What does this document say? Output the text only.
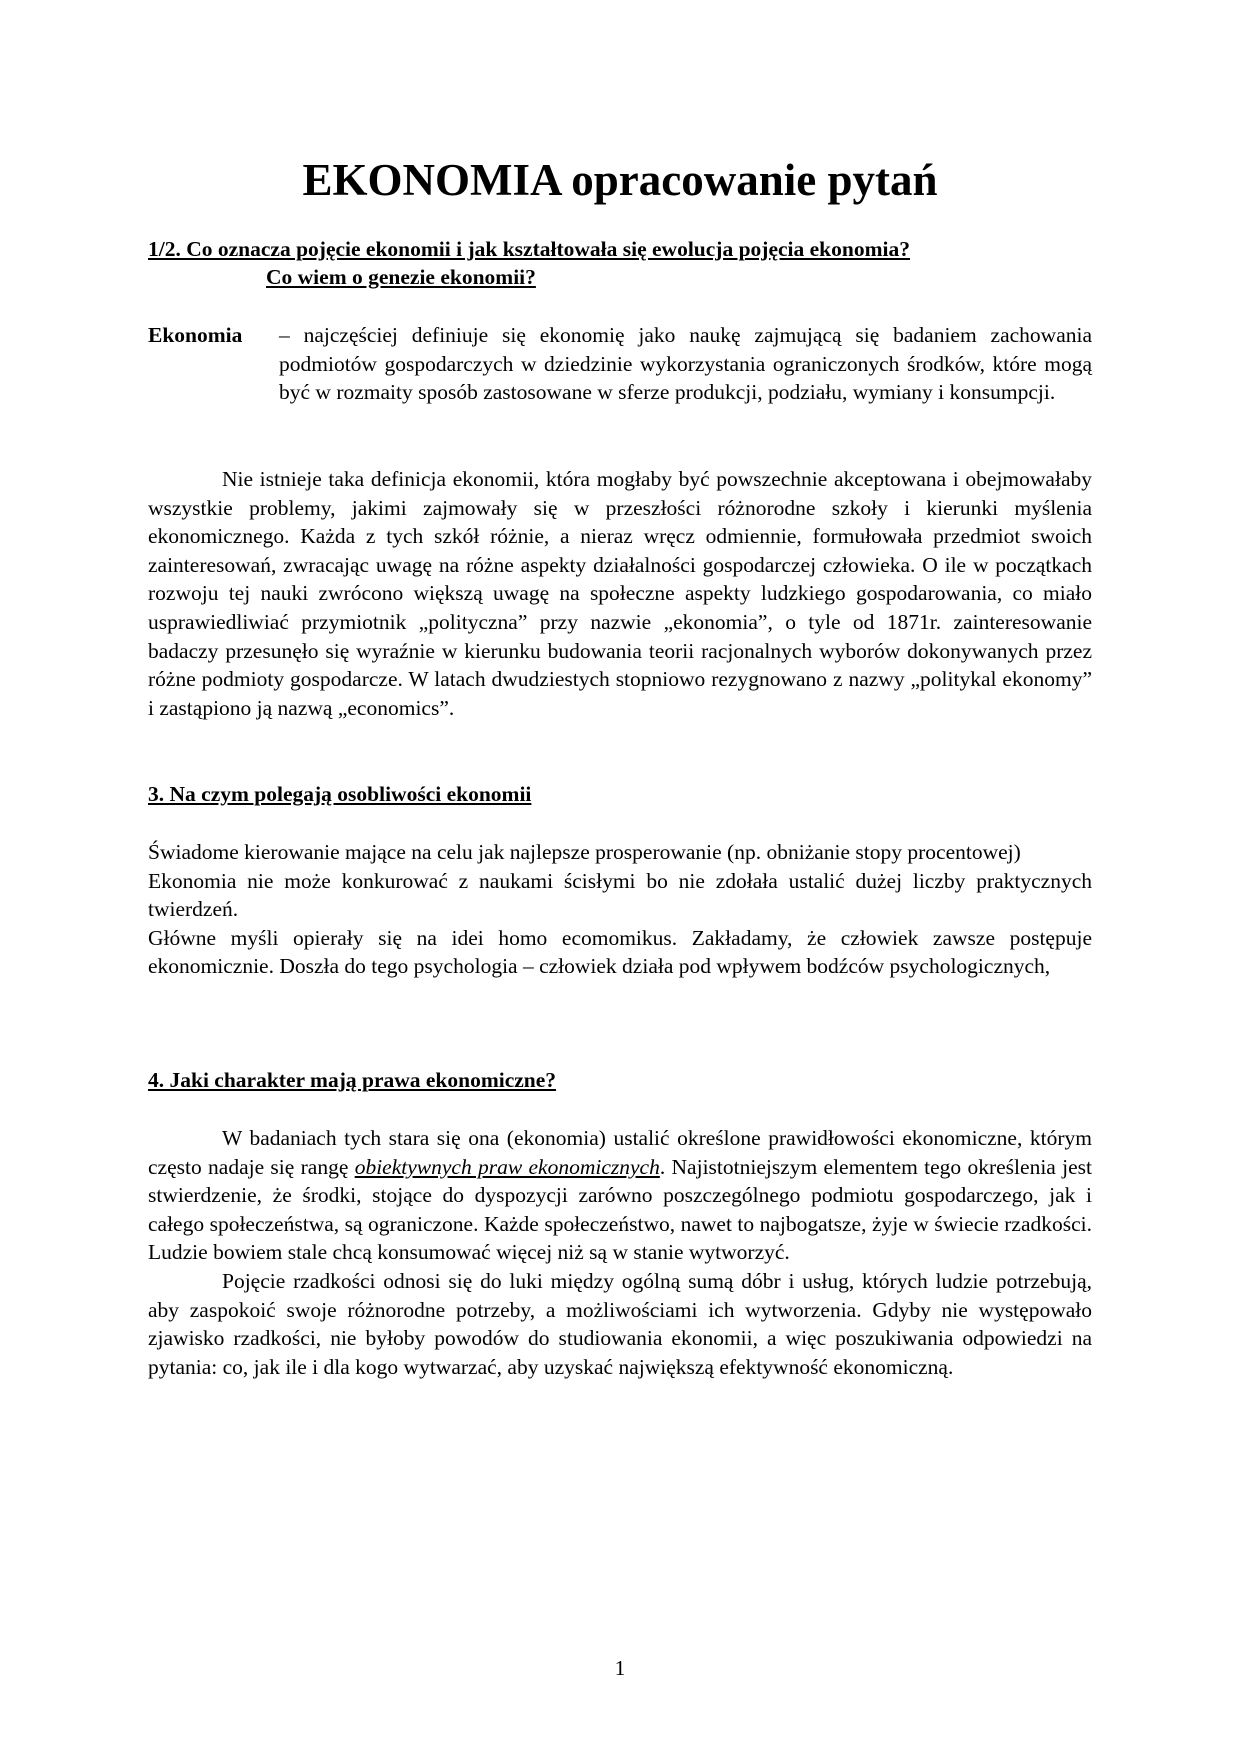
EKONOMIA opracowanie pytań
1/2. Co oznacza pojęcie ekonomii i jak kształtowała się ewolucja pojęcia ekonomia?
Co wiem o genezie ekonomii?
Ekonomia – najczęściej definiuje się ekonomię jako naukę zajmującą się badaniem zachowania podmiotów gospodarczych w dziedzinie wykorzystania ograniczonych środków, które mogą być w rozmaity sposób zastosowane w sferze produkcji, podziału, wymiany i konsumpcji.

Nie istnieje taka definicja ekonomii, która mogłaby być powszechnie akceptowana i obejmowałaby wszystkie problemy, jakimi zajmowały się w przeszłości różnorodne szkoły i kierunki myślenia ekonomicznego. Każda z tych szkół różnie, a nieraz wręcz odmiennie, formułowała przedmiot swoich zainteresowań, zwracając uwagę na różne aspekty działalności gospodarczej człowieka. O ile w początkach rozwoju tej nauki zwrócono większą uwagę na społeczne aspekty ludzkiego gospodarowania, co miało usprawiedliwiać przymiotnik „polityczna” przy nazwie „ekonomia”, o tyle od 1871r. zainteresowanie badaczy przesunęło się wyraźnie w kierunku budowania teorii racjonalnych wyborów dokonywanych przez różne podmioty gospodarcze. W latach dwudziestych stopniowo rezygnowano z nazwy „politykal ekonomy” i zastąpiono ją nazwą „economics”.

3. Na czym polegają osobliwości ekonomii

Świadome kierowanie mające na celu jak najlepsze prosperowanie (np. obniżanie stopy procentowej)

Ekonomia nie może konkurować z naukami ścisłymi bo nie zdołała ustalić dużej liczby praktycznych twierdzeń.

Główne myśli opierały się na idei homo ecomomikus. Zakładamy, że człowiek zawsze postępuje ekonomicznie. Doszła do tego psychologia – człowiek działa pod wpływem bodźców psychologicznych,

4. Jaki charakter mają prawa ekonomiczne?

W badaniach tych stara się ona (ekonomia) ustalić określone prawidłowości ekonomiczne, którym często nadaje się rangę obiektywnych praw ekonomicznych. Najistotniejszym elementem tego określenia jest stwierdzenie, że środki, stojące do dyspozycji zarówno poszczególnego podmiotu gospodarczego, jak i całego społeczeństwa, są ograniczone. Każde społeczeństwo, nawet to najbogatsze, żyje w świecie rzadkości. Ludzie bowiem stale chcą konsumować więcej niż są w stanie wytworzyć.

Pojęcie rzadkości odnosi się do luki między ogólną sumą dóbr i usług, których ludzie potrzebują, aby zaspokoić swoje różnorodne potrzeby, a możliwościami ich wytworzenia. Gdyby nie występowało zjawisko rzadkości, nie byłoby powodów do studiowania ekonomii, a więc poszukiwania odpowiedzi na pytania: co, jak ile i dla kogo wytwarzać, aby uzyskać największą efektywność ekonomiczną.

1
